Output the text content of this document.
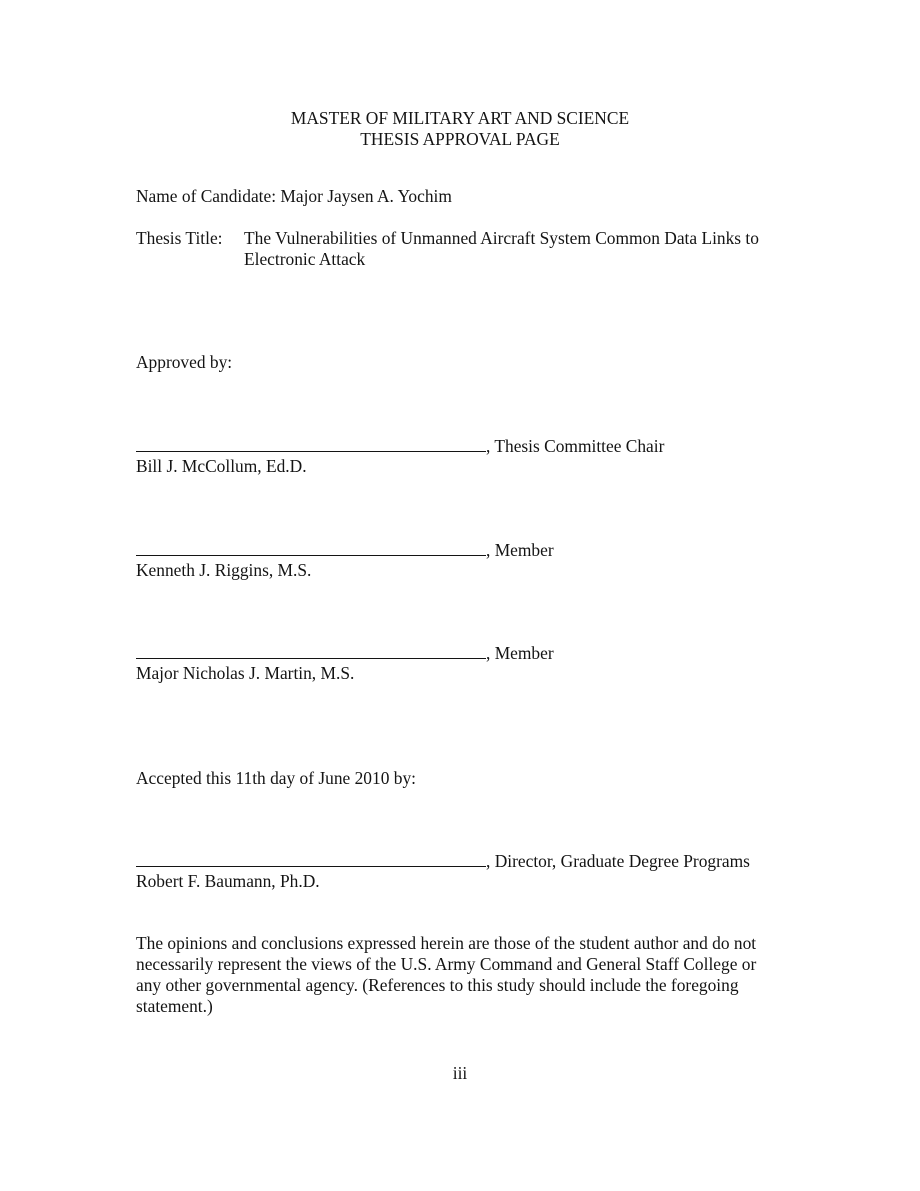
MASTER OF MILITARY ART AND SCIENCE
THESIS APPROVAL PAGE
Name of Candidate: Major Jaysen A. Yochim
Thesis Title: The Vulnerabilities of Unmanned Aircraft System Common Data Links to
Electronic Attack
Approved by:
, Thesis Committee Chair
Bill J. McCollum, Ed.D.
, Member
Kenneth J. Riggins, M.S.
, Member
Major Nicholas J. Martin, M.S.
Accepted this 11th day of June 2010 by:
, Director, Graduate Degree Programs
Robert F. Baumann, Ph.D.
The opinions and conclusions expressed herein are those of the student author and do not
necessarily represent the views of the U.S. Army Command and General Staff College or
any other governmental agency. (References to this study should include the foregoing
statement.)
iii
